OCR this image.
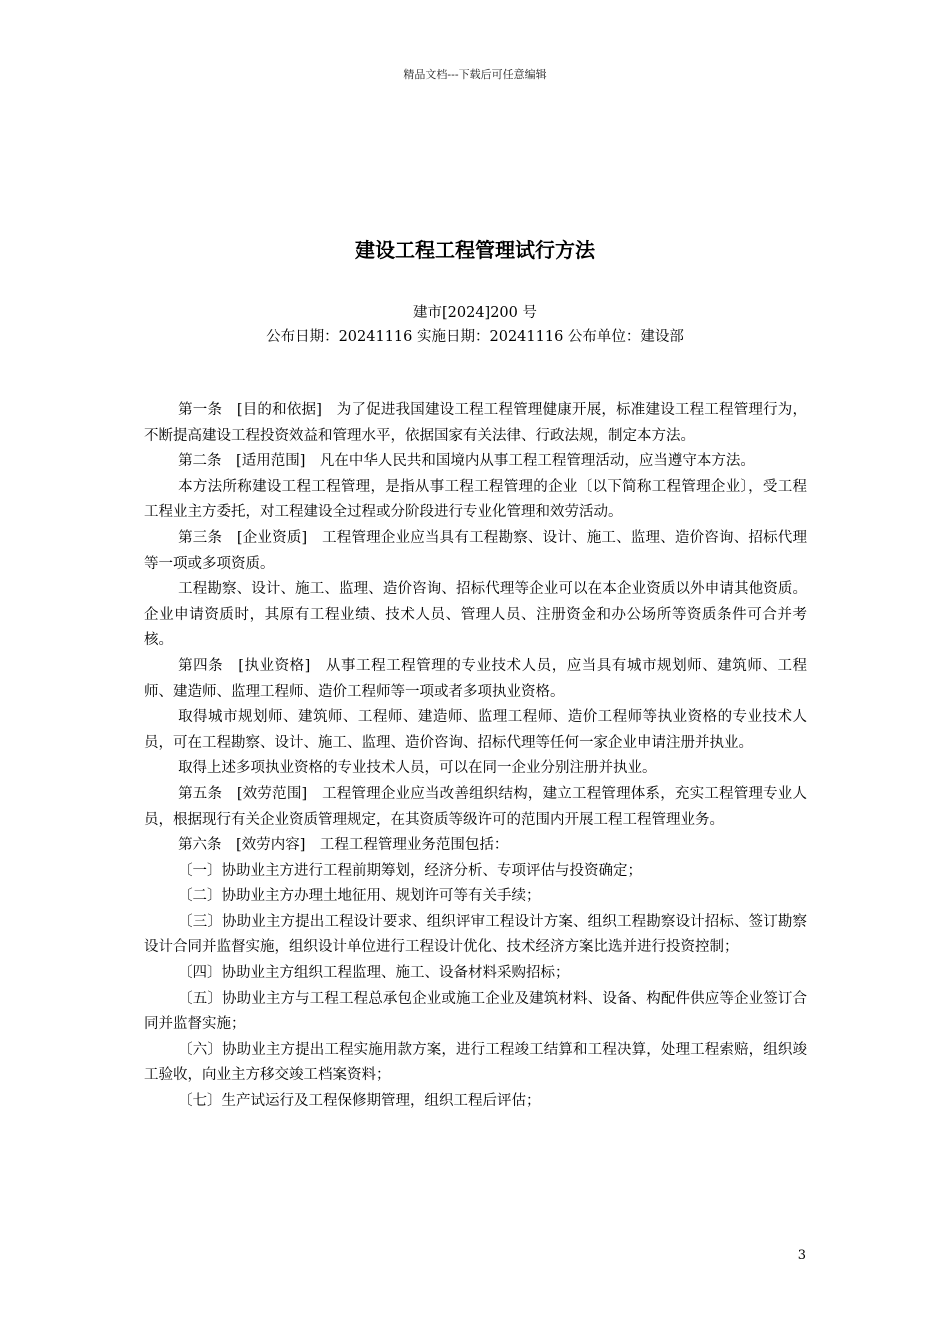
精品文档---下载后可任意编辑
建设工程工程管理试行方法
建市[2024]200 号
公布日期：20241116 实施日期：20241116 公布单位：建设部

第一条　[目的和依据]　为了促进我国建设工程工程管理健康开展，标准建设工程工程管理行为，不断提高建设工程投资效益和管理水平，依据国家有关法律、行政法规，制定本方法。

第二条　[适用范围]　凡在中华人民共和国境内从事工程工程管理活动，应当遵守本方法。

本方法所称建设工程工程管理，是指从事工程工程管理的企业〔以下简称工程管理企业〕，受工程工程业主方委托，对工程建设全过程或分阶段进行专业化管理和效劳活动。

第三条　[企业资质]　工程管理企业应当具有工程勘察、设计、施工、监理、造价咨询、招标代理等一项或多项资质。

工程勘察、设计、施工、监理、造价咨询、招标代理等企业可以在本企业资质以外申请其他资质。企业申请资质时，其原有工程业绩、技术人员、管理人员、注册资金和办公场所等资质条件可合并考核。

第四条　[执业资格]　从事工程工程管理的专业技术人员，应当具有城市规划师、建筑师、工程师、建造师、监理工程师、造价工程师等一项或者多项执业资格。

取得城市规划师、建筑师、工程师、建造师、监理工程师、造价工程师等执业资格的专业技术人员，可在工程勘察、设计、施工、监理、造价咨询、招标代理等任何一家企业申请注册并执业。

取得上述多项执业资格的专业技术人员，可以在同一企业分别注册并执业。

第五条　[效劳范围]　工程管理企业应当改善组织结构，建立工程管理体系，充实工程管理专业人员，根据现行有关企业资质管理规定，在其资质等级许可的范围内开展工程工程管理业务。

第六条　[效劳内容]　工程工程管理业务范围包括：

〔一〕协助业主方进行工程前期筹划，经济分析、专项评估与投资确定；

〔二〕协助业主方办理土地征用、规划许可等有关手续；

〔三〕协助业主方提出工程设计要求、组织评审工程设计方案、组织工程勘察设计招标、签订勘察设计合同并监督实施，组织设计单位进行工程设计优化、技术经济方案比选并进行投资控制；

〔四〕协助业主方组织工程监理、施工、设备材料采购招标；

〔五〕协助业主方与工程工程总承包企业或施工企业及建筑材料、设备、构配件供应等企业签订合同并监督实施；

〔六〕协助业主方提出工程实施用款方案，进行工程竣工结算和工程决算，处理工程索赔，组织竣工验收，向业主方移交竣工档案资料；

〔七〕生产试运行及工程保修期管理，组织工程后评估；

3
